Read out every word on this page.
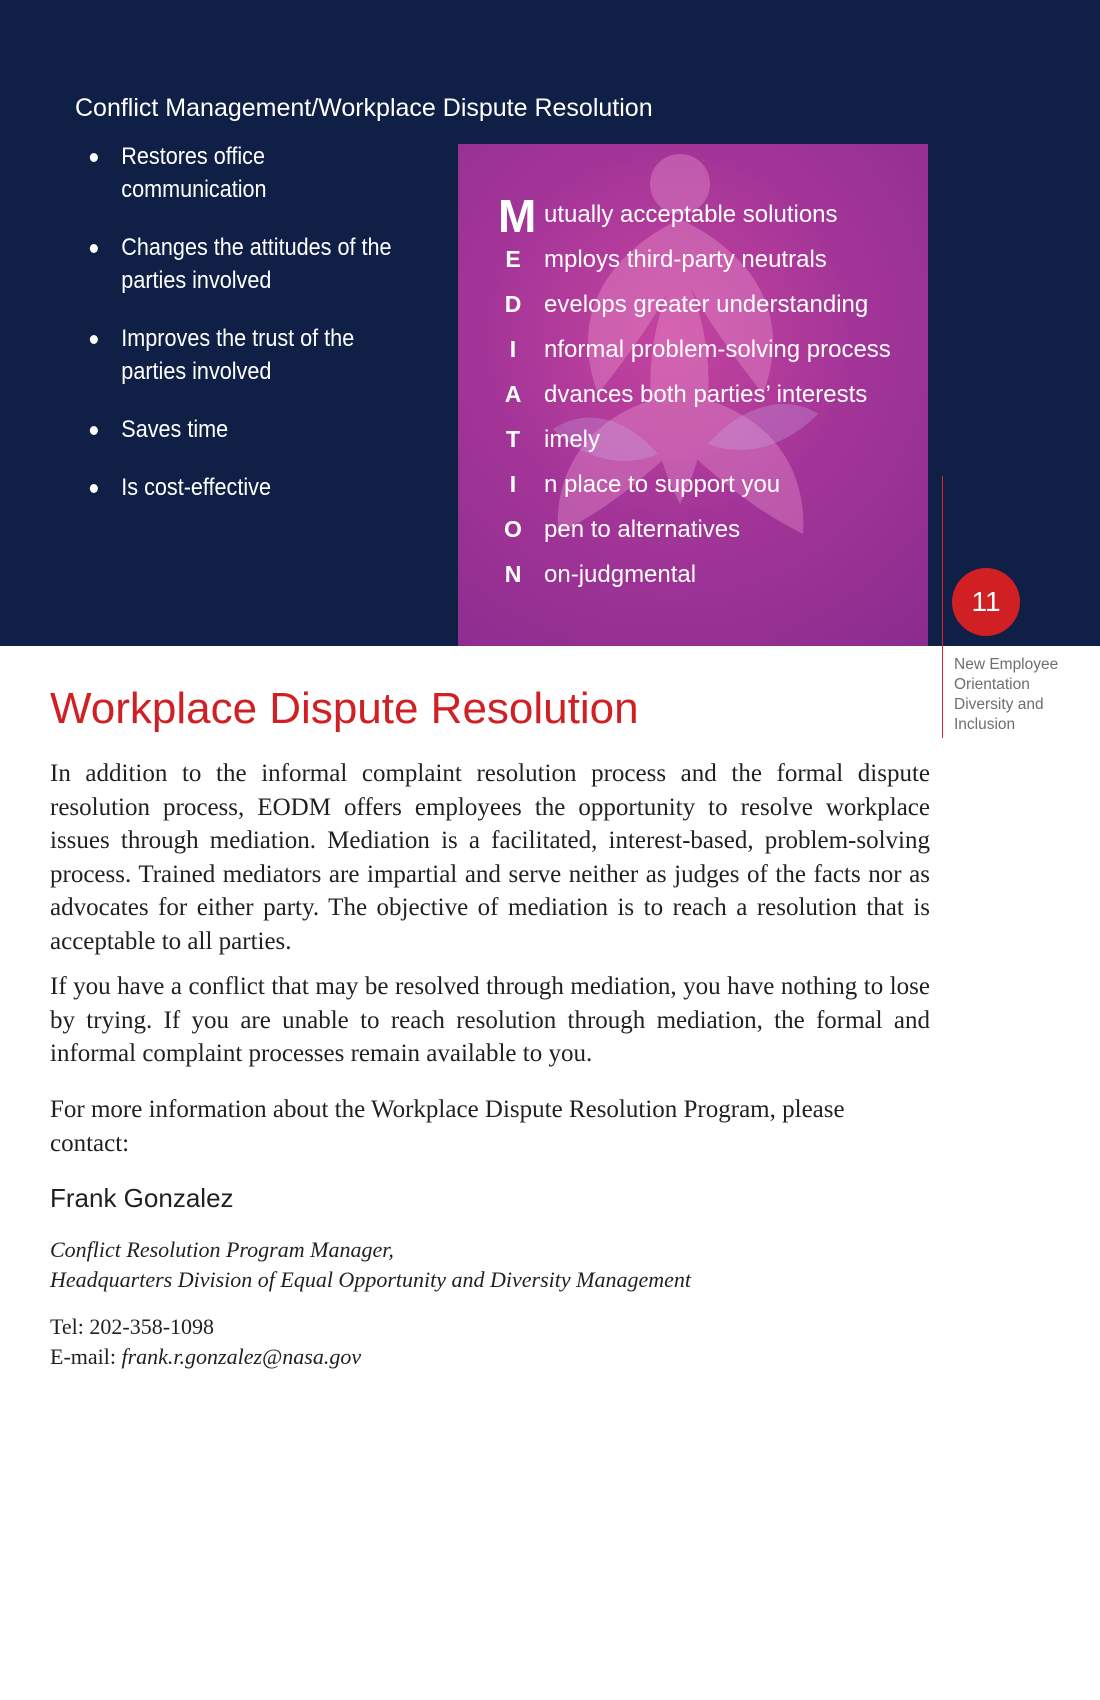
Conflict Management/Workplace Dispute Resolution
Restores office communication
Changes the attitudes of the parties involved
Improves the trust of the parties involved
Saves time
Is cost-effective
M utually acceptable solutions
E mploys third-party neutrals
D evelops greater understanding
I	nformal problem-solving process
A dvances both parties’ interests
T imely
I	n place to support you
O pen to alternatives
N on-judgmental
11
New Employee
Orientation
Diversity and
Inclusion
Workplace Dispute Resolution

In addition to the informal complaint resolution process and the formal dispute resolution process, EODM offers employees the opportunity to resolve workplace issues through mediation. Mediation is a facilitated, interest-based, problem-solving process. Trained mediators are impartial and serve neither as judges of the facts nor as advocates for either party. The objective of mediation is to reach a resolution that is acceptable to all parties.

If you have a conflict that may be resolved through mediation, you have nothing to lose by trying. If you are unable to reach resolution through mediation, the formal and informal complaint processes remain available to you.

For more information about the Workplace Dispute Resolution Program, please contact:

Frank Gonzalez
Conflict Resolution Program Manager,
Headquarters Division of Equal Opportunity and Diversity Management
Tel: 202-358-1098
E-mail: frank.r.gonzalez@nasa.gov
